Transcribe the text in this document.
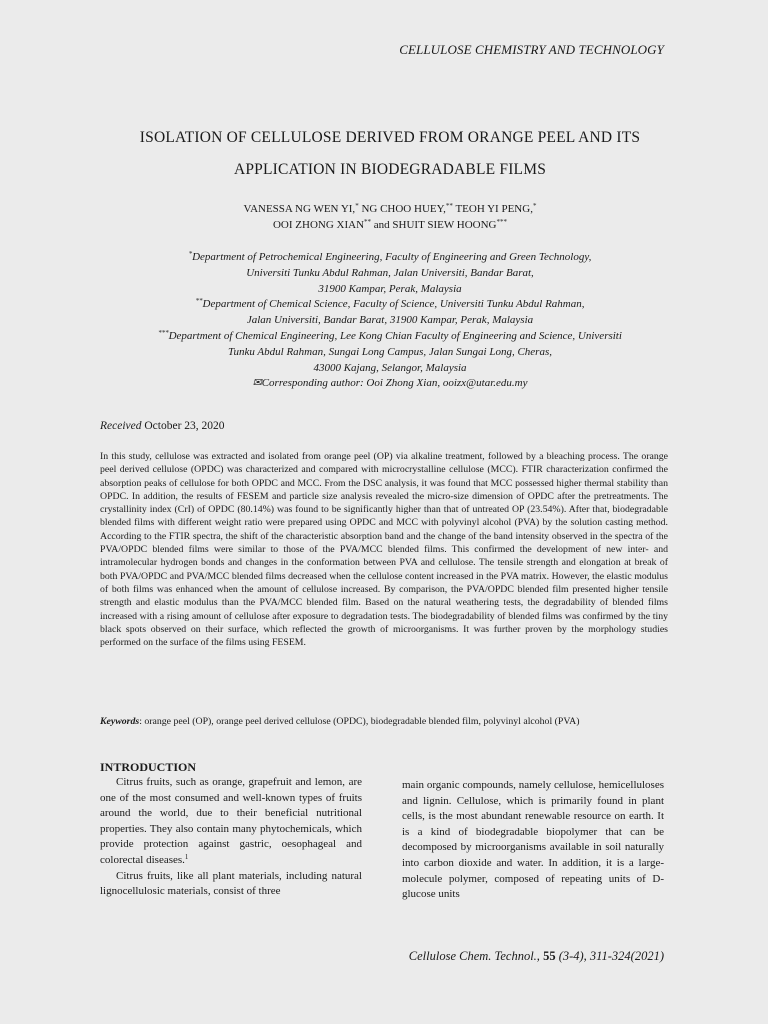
CELLULOSE CHEMISTRY AND TECHNOLOGY
ISOLATION OF CELLULOSE DERIVED FROM ORANGE PEEL AND ITS
APPLICATION IN BIODEGRADABLE FILMS
VANESSA NG WEN YI,* NG CHOO HUEY,** TEOH YI PENG,*
OOI ZHONG XIAN** and SHUIT SIEW HOONG***
*Department of Petrochemical Engineering, Faculty of Engineering and Green Technology,
Universiti Tunku Abdul Rahman, Jalan Universiti, Bandar Barat,
31900 Kampar, Perak, Malaysia
**Department of Chemical Science, Faculty of Science, Universiti Tunku Abdul Rahman,
Jalan Universiti, Bandar Barat, 31900 Kampar, Perak, Malaysia
***Department of Chemical Engineering, Lee Kong Chian Faculty of Engineering and Science, Universiti
Tunku Abdul Rahman, Sungai Long Campus, Jalan Sungai Long, Cheras,
43000 Kajang, Selangor, Malaysia
✉Corresponding author: Ooi Zhong Xian, ooizx@utar.edu.my
Received October 23, 2020
In this study, cellulose was extracted and isolated from orange peel (OP) via alkaline treatment, followed by a bleaching process. The orange peel derived cellulose (OPDC) was characterized and compared with microcrystalline cellulose (MCC). FTIR characterization confirmed the absorption peaks of cellulose for both OPDC and MCC. From the DSC analysis, it was found that MCC possessed higher thermal stability than OPDC. In addition, the results of FESEM and particle size analysis revealed the micro-size dimension of OPDC after the pretreatments. The crystallinity index (CrI) of OPDC (80.14%) was found to be significantly higher than that of untreated OP (23.54%). After that, biodegradable blended films with different weight ratio were prepared using OPDC and MCC with polyvinyl alcohol (PVA) by the solution casting method. According to the FTIR spectra, the shift of the characteristic absorption band and the change of the band intensity observed in the spectra of the PVA/OPDC blended films were similar to those of the PVA/MCC blended films. This confirmed the development of new inter- and intramolecular hydrogen bonds and changes in the conformation between PVA and cellulose. The tensile strength and elongation at break of both PVA/OPDC and PVA/MCC blended films decreased when the cellulose content increased in the PVA matrix. However, the elastic modulus of both films was enhanced when the amount of cellulose increased. By comparison, the PVA/OPDC blended film presented higher tensile strength and elastic modulus than the PVA/MCC blended film. Based on the natural weathering tests, the degradability of blended films increased with a rising amount of cellulose after exposure to degradation tests. The biodegradability of blended films was confirmed by the tiny black spots observed on their surface, which reflected the growth of microorganisms. It was further proven by the morphology studies performed on the surface of the films using FESEM.
Keywords: orange peel (OP), orange peel derived cellulose (OPDC), biodegradable blended film, polyvinyl alcohol (PVA)
INTRODUCTION

Citrus fruits, such as orange, grapefruit and lemon, are one of the most consumed and well-known types of fruits around the world, due to their beneficial nutritional properties. They also contain many phytochemicals, which provide protection against gastric, oesophageal and colorectal diseases.$^1$

Citrus fruits, like all plant materials, including natural lignocellulosic materials, consist of three

main organic compounds, namely cellulose, hemicelluloses and lignin. Cellulose, which is primarily found in plant cells, is the most abundant renewable resource on earth. It is a kind of biodegradable biopolymer that can be decomposed by microorganisms available in soil naturally into carbon dioxide and water. In addition, it is a large-molecule polymer, composed of repeating units of D-glucose units

Cellulose Chem. Technol., 55 (3-4), 311-324(2021)
